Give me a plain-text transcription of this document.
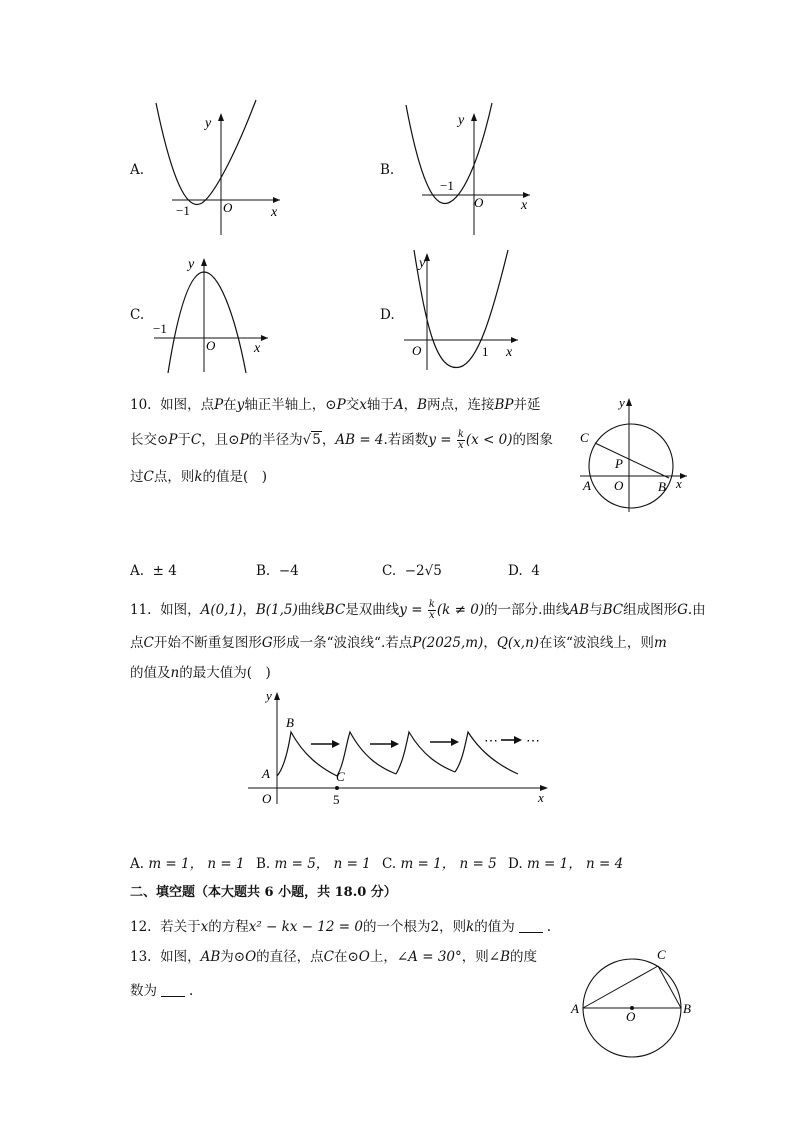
A.
y
−1	O	x
B.
y
−1
O	x
C.
y
−1
O	x
D.
y
O	1 x
10. 如图，点P在y轴正半轴上，⊙P交x轴于A，B两点，连接BP并延
长交⊙P于C，且⊙P的半径为√5，AB = 4.若函数$y = \frac{k}{x} (x < 0)$的图象
过C点，则k的值是(　)
y
C
P
A O	B x
A. ± 4	B. −4	C. −2√5	D. 4
11. 如图，A(0,1)，B(1,5)曲线BC是双曲线$y = \frac{k}{x} (k \ne 0)$的一部分.曲线AB与BC组成图形G.由
点C开始不断重复图形G形成一条“波浪线“.若点P(2025,m)，Q(x,n)在该“波浪线上，则m
的值及n的最大值为(　)
y
B
A
O
C
5	x
⋯ ⋯
A. m = 1， n = 1 B. m = 5， n = 1 C. m = 1， n = 5 D. m = 1， n = 4
二、填空题（本大题共 6 小题，共 18.0 分）
12. 若关于x的方程x² − kx − 12 = 0的一个根为2，则k的值为 .
13. 如图，AB为⊙O的直径，点C在⊙O上，∠A = 30°，则∠B的度
数为 .
A
O
B
C
